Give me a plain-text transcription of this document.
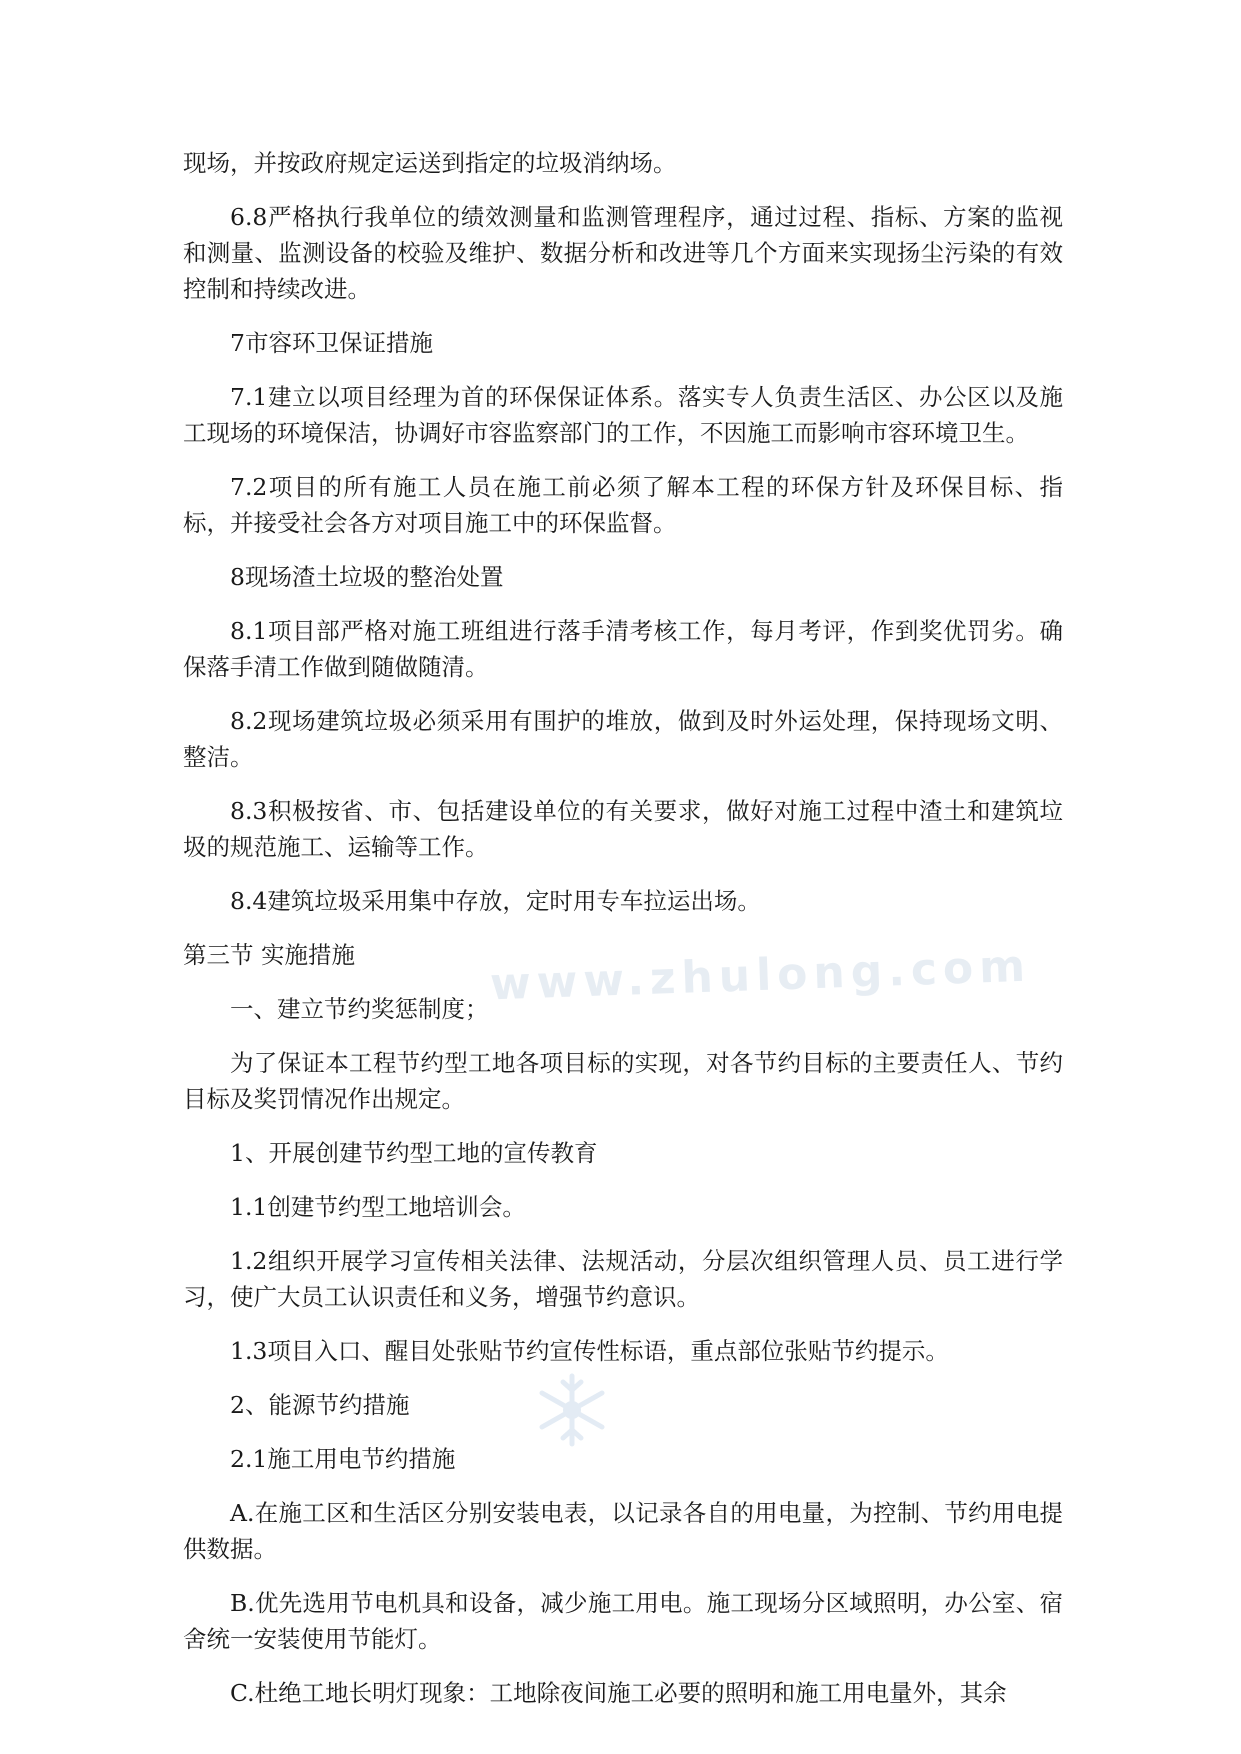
www.zhulong.com

现场，并按政府规定运送到指定的垃圾消纳场。

6.8严格执行我单位的绩效测量和监测管理程序，通过过程、指标、方案的监视和测量、监测设备的校验及维护、数据分析和改进等几个方面来实现扬尘污染的有效控制和持续改进。

7市容环卫保证措施

7.1建立以项目经理为首的环保保证体系。落实专人负责生活区、办公区以及施工现场的环境保洁，协调好市容监察部门的工作，不因施工而影响市容环境卫生。

7.2项目的所有施工人员在施工前必须了解本工程的环保方针及环保目标、指标，并接受社会各方对项目施工中的环保监督。

8现场渣土垃圾的整治处置

8.1项目部严格对施工班组进行落手清考核工作，每月考评，作到奖优罚劣。确保落手清工作做到随做随清。

8.2现场建筑垃圾必须采用有围护的堆放，做到及时外运处理，保持现场文明、整洁。

8.3积极按省、市、包括建设单位的有关要求，做好对施工过程中渣土和建筑垃圾的规范施工、运输等工作。

8.4建筑垃圾采用集中存放，定时用专车拉运出场。

第三节 实施措施

一、建立节约奖惩制度；

为了保证本工程节约型工地各项目标的实现，对各节约目标的主要责任人、节约目标及奖罚情况作出规定。

1、开展创建节约型工地的宣传教育

1.1创建节约型工地培训会。

1.2组织开展学习宣传相关法律、法规活动，分层次组织管理人员、员工进行学习，使广大员工认识责任和义务，增强节约意识。

1.3项目入口、醒目处张贴节约宣传性标语，重点部位张贴节约提示。

2、能源节约措施

2.1施工用电节约措施

A.在施工区和生活区分别安装电表，以记录各自的用电量，为控制、节约用电提供数据。

B.优先选用节电机具和设备，减少施工用电。施工现场分区域照明，办公室、宿舍统一安装使用节能灯。

C.杜绝工地长明灯现象：工地除夜间施工必要的照明和施工用电量外，其余
